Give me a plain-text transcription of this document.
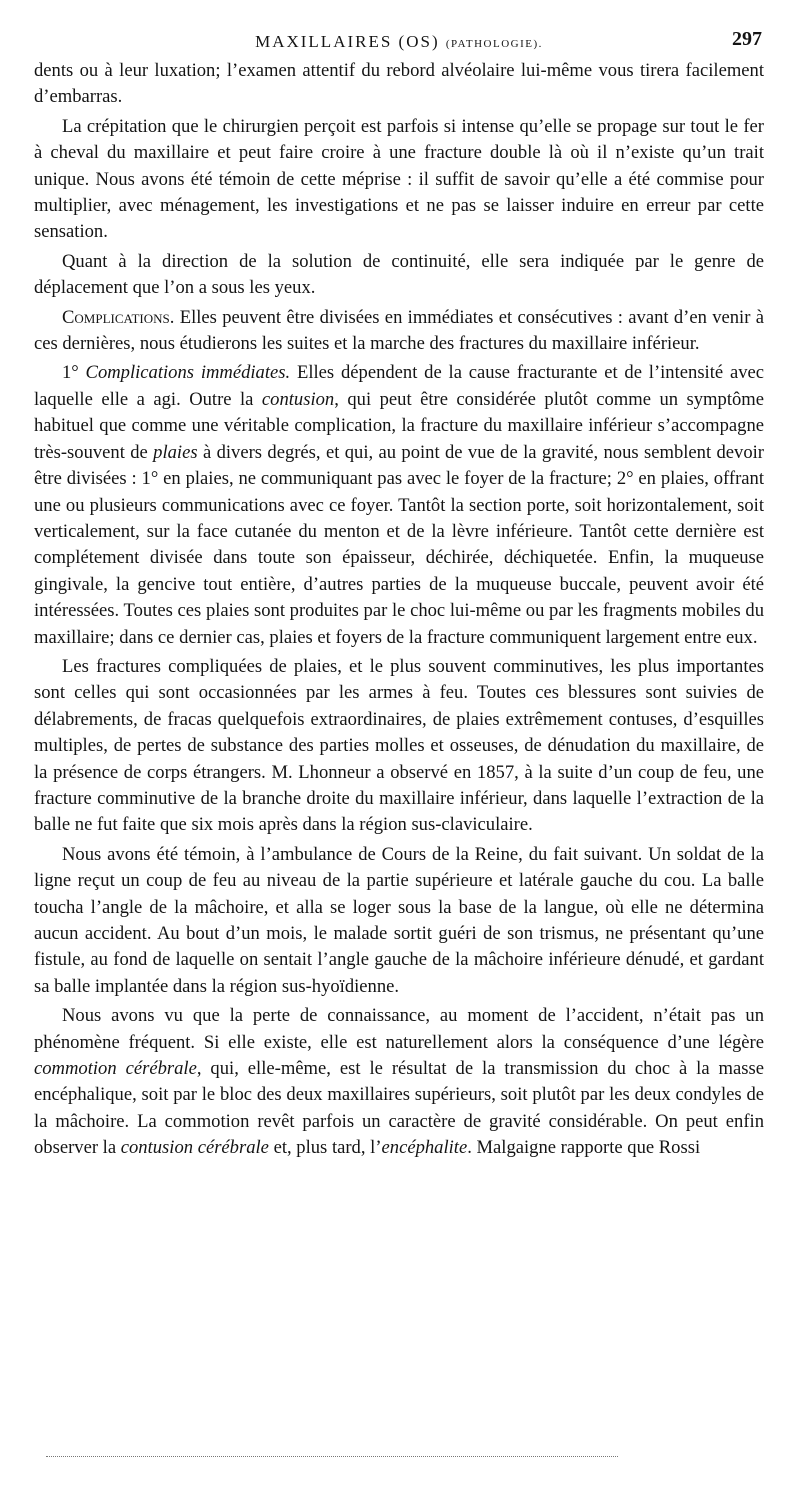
MAXILLAIRES (OS) (PATHOLOGIE).	297

dents ou à leur luxation; l’examen attentif du rebord alvéolaire lui-même vous tirera facilement d’embarras.

La crépitation que le chirurgien perçoit est parfois si intense qu’elle se propage sur tout le fer à cheval du maxillaire et peut faire croire à une fracture double là où il n’existe qu’un trait unique. Nous avons été témoin de cette méprise : il suffit de savoir qu’elle a été commise pour multiplier, avec ménagement, les investigations et ne pas se laisser induire en erreur par cette sensation.

Quant à la direction de la solution de continuité, elle sera indiquée par le genre de déplacement que l’on a sous les yeux.

Complications. Elles peuvent être divisées en immédiates et consécutives : avant d’en venir à ces dernières, nous étudierons les suites et la marche des fractures du maxillaire inférieur.

1° Complications immédiates. Elles dépendent de la cause fracturante et de l’intensité avec laquelle elle a agi. Outre la contusion, qui peut être considérée plutôt comme un symptôme habituel que comme une véritable complication, la fracture du maxillaire inférieur s’accompagne très-souvent de plaies à divers degrés, et qui, au point de vue de la gravité, nous semblent devoir être divisées : 1° en plaies, ne communiquant pas avec le foyer de la fracture; 2° en plaies, offrant une ou plusieurs communications avec ce foyer. Tantôt la section porte, soit horizontalement, soit verticalement, sur la face cutanée du menton et de la lèvre inférieure. Tantôt cette dernière est complétement divisée dans toute son épaisseur, déchirée, déchiquetée. Enfin, la muqueuse gingivale, la gencive tout entière, d’autres parties de la muqueuse buccale, peuvent avoir été intéressées. Toutes ces plaies sont produites par le choc lui-même ou par les fragments mobiles du maxillaire; dans ce dernier cas, plaies et foyers de la fracture communiquent largement entre eux.

Les fractures compliquées de plaies, et le plus souvent comminutives, les plus importantes sont celles qui sont occasionnées par les armes à feu. Toutes ces blessures sont suivies de délabrements, de fracas quelquefois extraordinaires, de plaies extrêmement contuses, d’esquilles multiples, de pertes de substance des parties molles et osseuses, de dénudation du maxillaire, de la présence de corps étrangers. M. Lhonneur a observé en 1857, à la suite d’un coup de feu, une fracture comminutive de la branche droite du maxillaire inférieur, dans laquelle l’extraction de la balle ne fut faite que six mois après dans la région sus-claviculaire.

Nous avons été témoin, à l’ambulance de Cours de la Reine, du fait suivant. Un soldat de la ligne reçut un coup de feu au niveau de la partie supérieure et latérale gauche du cou. La balle toucha l’angle de la mâchoire, et alla se loger sous la base de la langue, où elle ne détermina aucun accident. Au bout d’un mois, le malade sortit guéri de son trismus, ne présentant qu’une fistule, au fond de laquelle on sentait l’angle gauche de la mâchoire inférieure dénudé, et gardant sa balle implantée dans la région sus-hyoïdienne.

Nous avons vu que la perte de connaissance, au moment de l’accident, n’était pas un phénomène fréquent. Si elle existe, elle est naturellement alors la conséquence d’une légère commotion cérébrale, qui, elle-même, est le résultat de la transmission du choc à la masse encéphalique, soit par le bloc des deux maxillaires supérieurs, soit plutôt par les deux condyles de la mâchoire. La commotion revêt parfois un caractère de gravité considérable. On peut enfin observer la contusion cérébrale et, plus tard, l’encéphalite. Malgaigne rapporte que Rossi
